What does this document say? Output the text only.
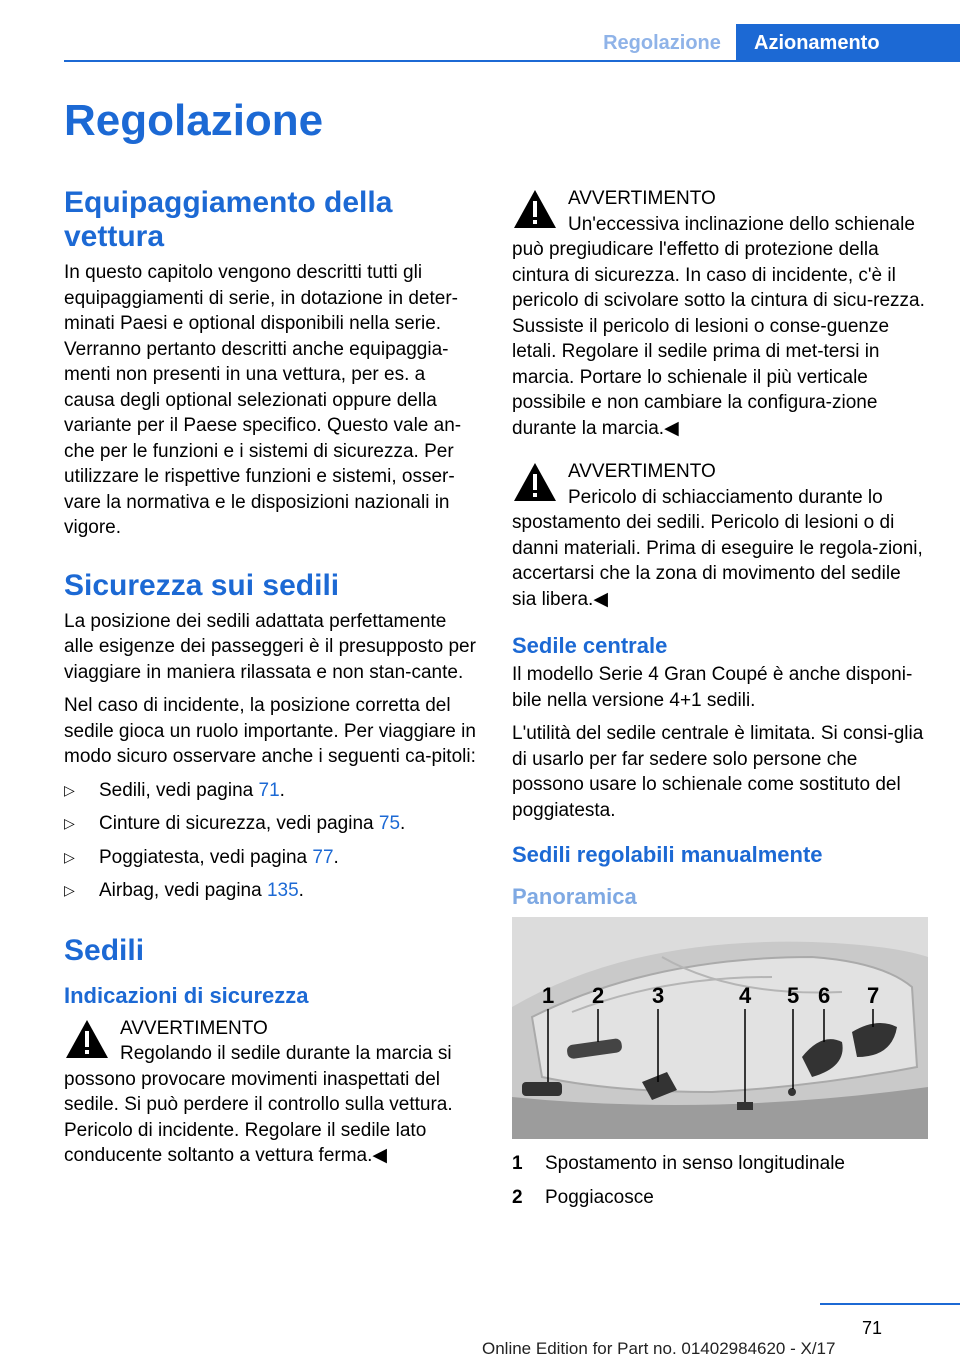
Regolazione	Azionamento
Regolazione
Equipaggiamento della vettura

In questo capitolo vengono descritti tutti gli equipaggiamenti di serie, in dotazione in deter‐minati Paesi e optional disponibili nella serie. Verranno pertanto descritti anche equipaggia‐menti non presenti in una vettura, per es. a causa degli optional selezionati oppure della variante per il Paese specifico. Questo vale an‐che per le funzioni e i sistemi di sicurezza. Per utilizzare le rispettive funzioni e sistemi, osser‐vare la normativa e le disposizioni nazionali in vigore.

Sicurezza sui sedili

La posizione dei sedili adattata perfettamente alle esigenze dei passeggeri è il presupposto per viaggiare in maniera rilassata e non stan‐cante.

Nel caso di incidente, la posizione corretta del sedile gioca un ruolo importante. Per viaggiare in modo sicuro osservare anche i seguenti ca‐pitoli:

▷ Sedili, vedi pagina 71.
▷ Cinture di sicurezza, vedi pagina 75.
▷ Poggiatesta, vedi pagina 77.
▷ Airbag, vedi pagina 135.
Sedili
Indicazioni di sicurezza
AVVERTIMENTO
Regolando il sedile durante la marcia si
possono provocare movimenti inaspettati del sedile. Si può perdere il controllo sulla vettura. Pericolo di incidente. Regolare il sedile lato conducente soltanto a vettura ferma.◀
AVVERTIMENTO
Un'eccessiva inclinazione dello schienale
può pregiudicare l'effetto di protezione della cintura di sicurezza. In caso di incidente, c'è il pericolo di scivolare sotto la cintura di sicu‐rezza. Sussiste il pericolo di lesioni o conse‐guenze letali. Regolare il sedile prima di met‐tersi in marcia. Portare lo schienale il più verticale possibile e non cambiare la configura‐zione durante la marcia.◀
AVVERTIMENTO
Pericolo di schiacciamento durante lo
spostamento dei sedili. Pericolo di lesioni o di danni materiali. Prima di eseguire le regola‐zioni, accertarsi che la zona di movimento del sedile sia libera.◀
Sedile centrale

Il modello Serie 4 Gran Coupé è anche disponi‐bile nella versione 4+1 sedili.

L'utilità del sedile centrale è limitata. Si consi‐glia di usarlo per far sedere solo persone che possono usare lo schienale come sostituto del poggiatesta.

Sedili regolabili manualmente
Panoramica
1 2 3	4 5 6 7
1	Spostamento in senso longitudinale
2	Poggiacosce
71
Online Edition for Part no. 01402984620 - X/17
